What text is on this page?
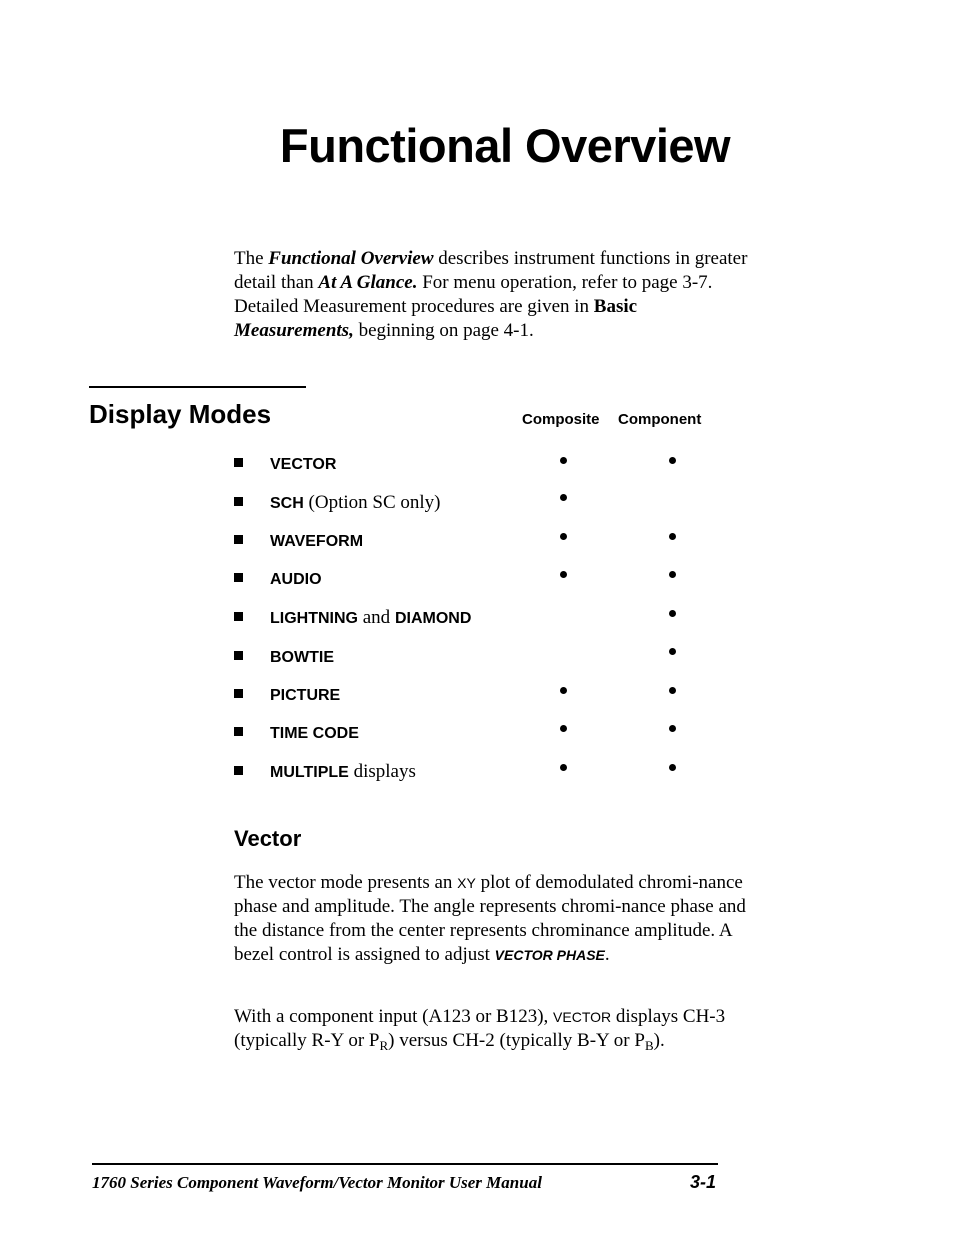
Functional Overview
The Functional Overview describes instrument functions in greater detail than At A Glance. For menu operation, refer to page 3-7. Detailed Measurement procedures are given in Basic Measurements, beginning on page 4-1.
Display Modes	Composite Component
VECTOR
SCH (Option SC only)
WAVEFORM
AUDIO
LIGHTNING and DIAMOND
BOWTIE
PICTURE
TIME CODE
MULTIPLE displays
Vector
The vector mode presents an XY plot of demodulated chromi-nance phase and amplitude. The angle represents chromi-nance phase and the distance from the center represents chrominance amplitude. A bezel control is assigned to adjust VECTOR PHASE.
With a component input (A123 or B123), VECTOR displays CH-3 (typically R-Y or $P_R$) versus CH-2 (typically B-Y or $P_B$).
1760 Series Component Waveform/Vector Monitor User Manual	3-1
